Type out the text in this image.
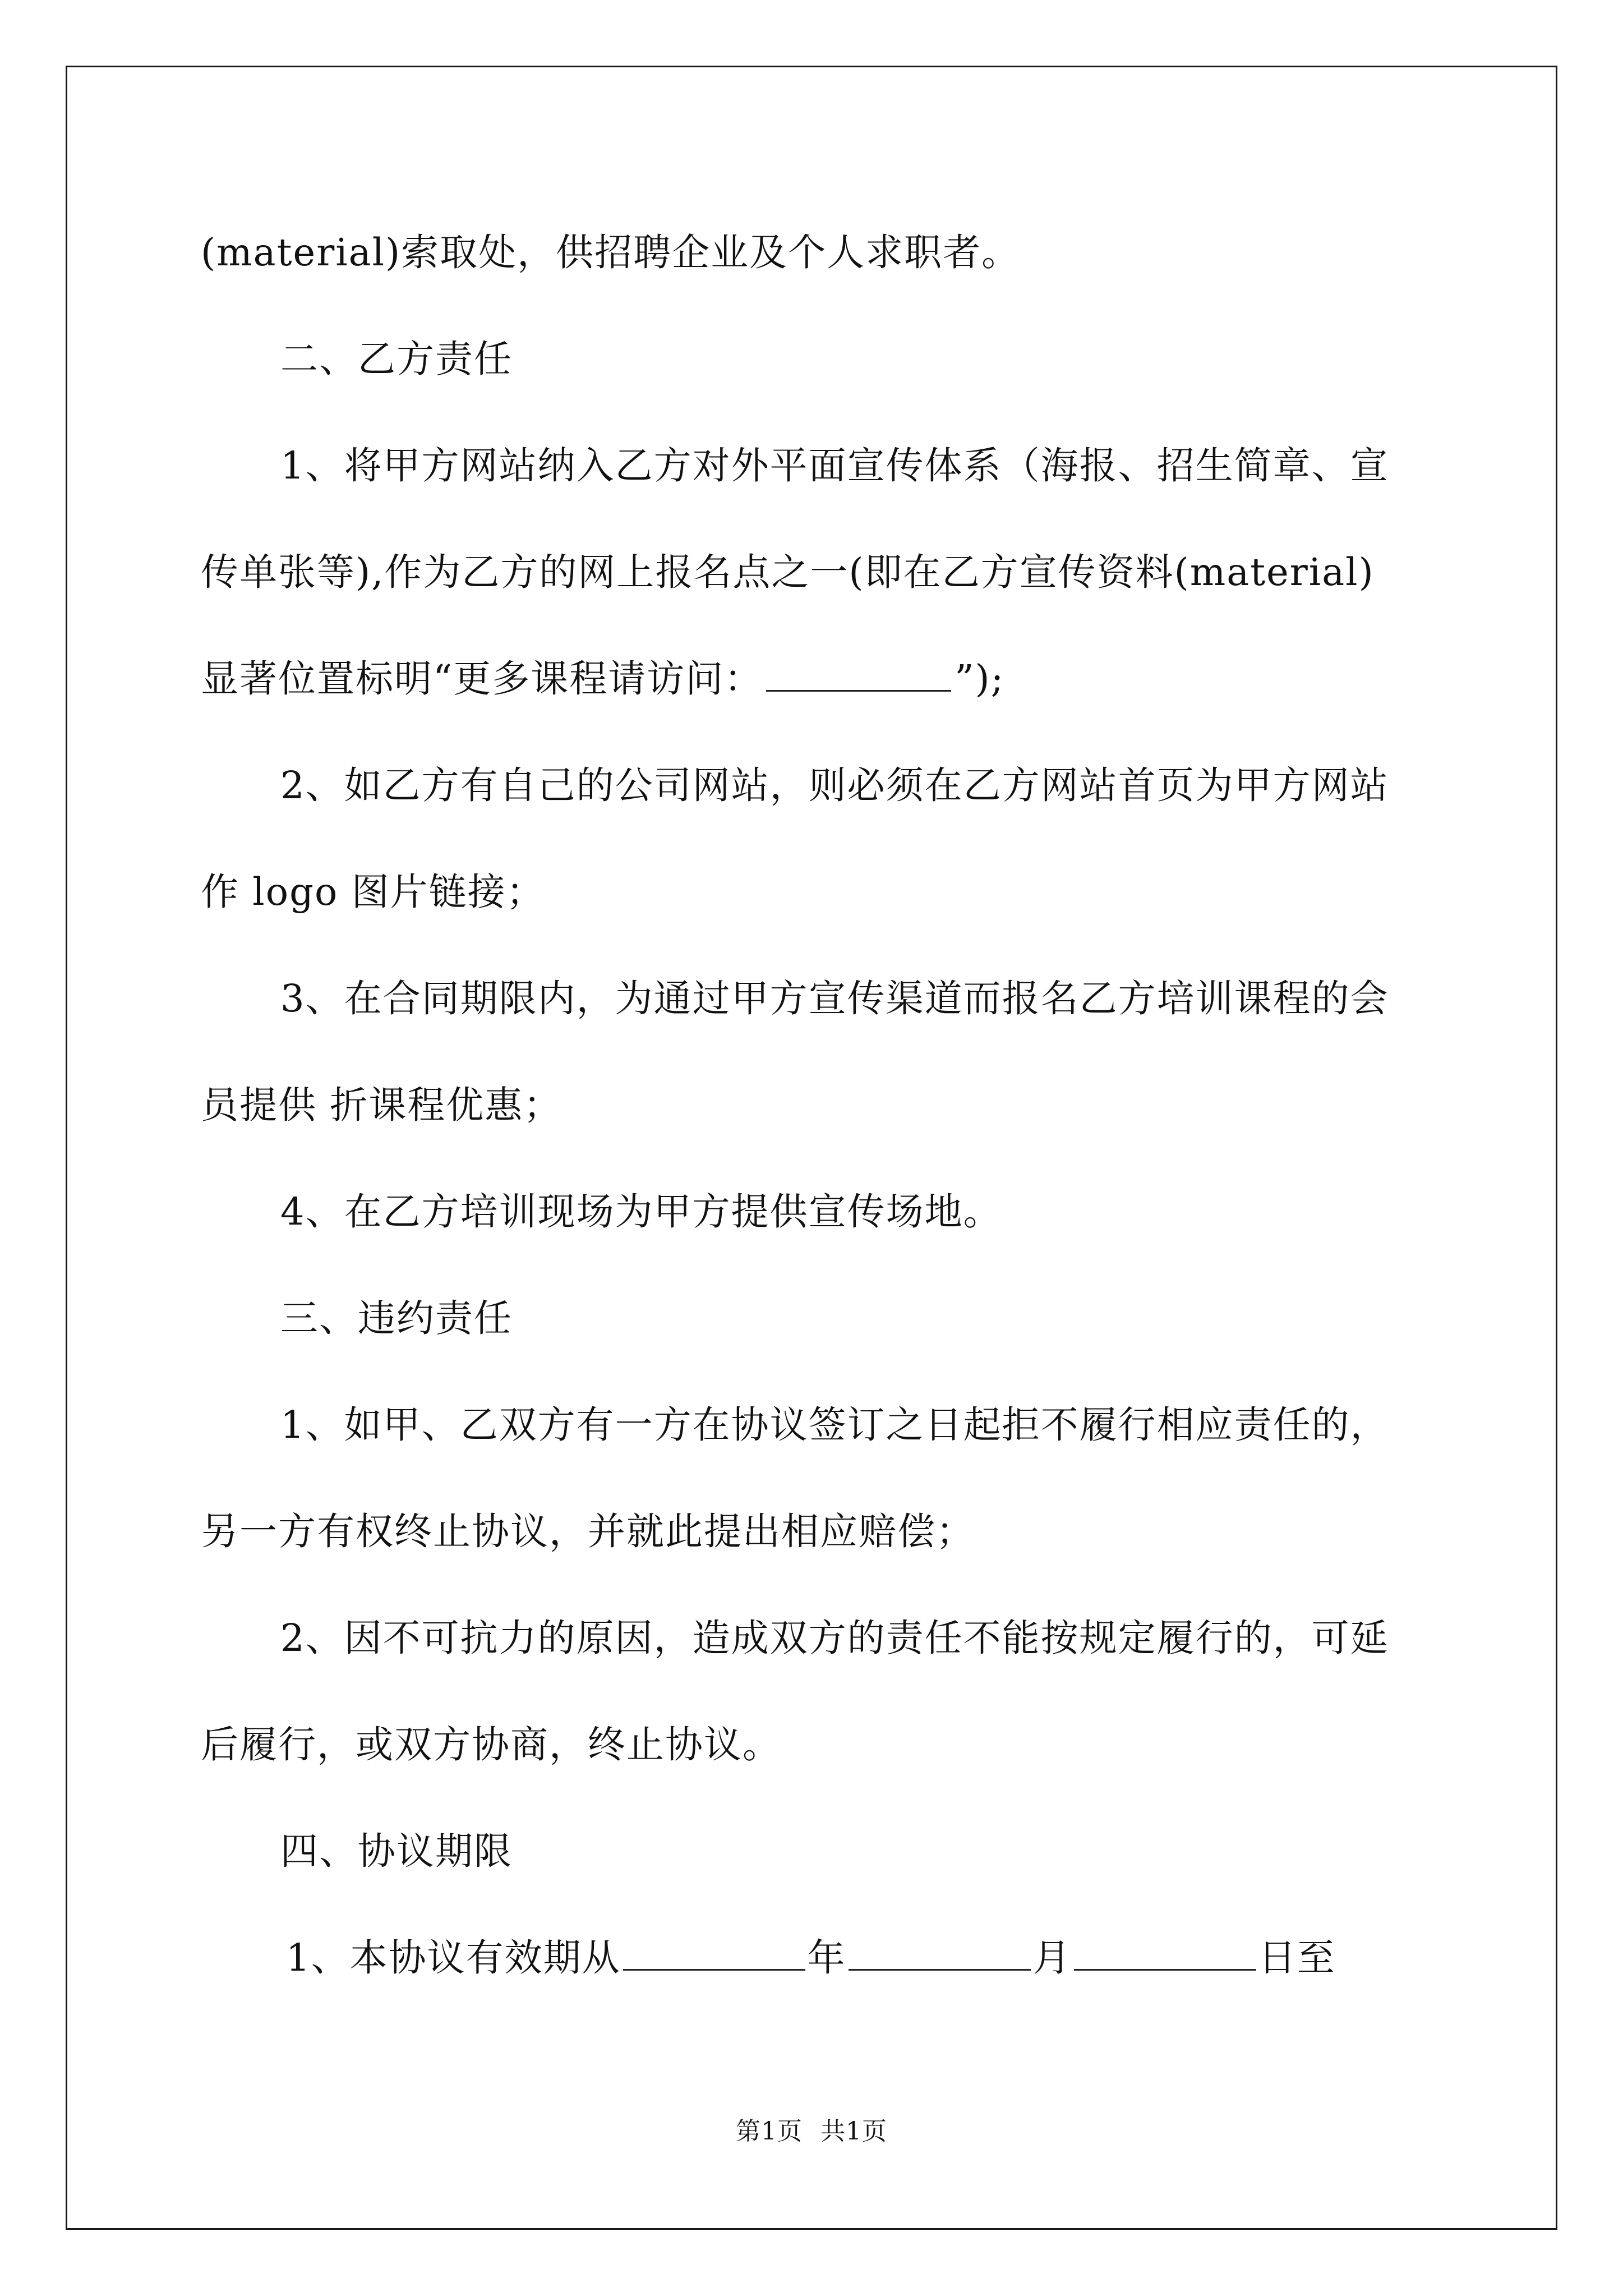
(material)索取处，供招聘企业及个人求职者。
二、乙方责任
1、将甲方网站纳入乙方对外平面宣传体系（海报、招生简章、宣
传单张等),作为乙方的网上报名点之一(即在乙方宣传资料(material)
显著位置标明“更多课程请访问：	”);
2、如乙方有自己的公司网站，则必须在乙方网站首页为甲方网站
作 logo 图片链接；
3、在合同期限内，为通过甲方宣传渠道而报名乙方培训课程的会
员提供 折课程优惠；
4、在乙方培训现场为甲方提供宣传场地。
三、违约责任
1、如甲、乙双方有一方在协议签订之日起拒不履行相应责任的，
另一方有权终止协议，并就此提出相应赔偿；
2、因不可抗力的原因，造成双方的责任不能按规定履行的，可延
后履行，或双方协商，终止协议。
四、协议期限
1、本协议有效期从	年	月	日至
第1页 共1页
